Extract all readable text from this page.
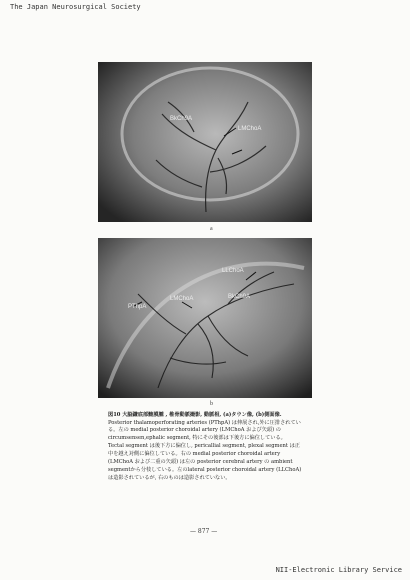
The Japan Neurosurgical Society
BkCh9A
LMChoA
a
LLChoA
LMChoA	BkCh9A
PThpA
b

図10 大脳鎌底部髄膜腫 , 椎骨動脈撮影, 動脈相, (a)タウン像, (b)側面像.

Posterior thalamoperforating arteries (PThpA) は伸展され,外に圧排されている。左の medial posterior choroidal artery (LMChoA および矢頭) の

circumsensen,ephalic segment, 特にその後部は下後方に偏位している。

Tectal segment は後下方に偏位し, pericallial segment, plexal segment は正

中を越え対側に偏位している。右の medial posterior choroidal artery

(LMChoA および二重の矢頭) は左の posterior cerebral artery の ambient

segmentから分枝している。左のlateral posterior choroidal artery (LLChoA)

は造影されているが, 右のものは造影されていない。

— 877 —
NII-Electronic Library Service
